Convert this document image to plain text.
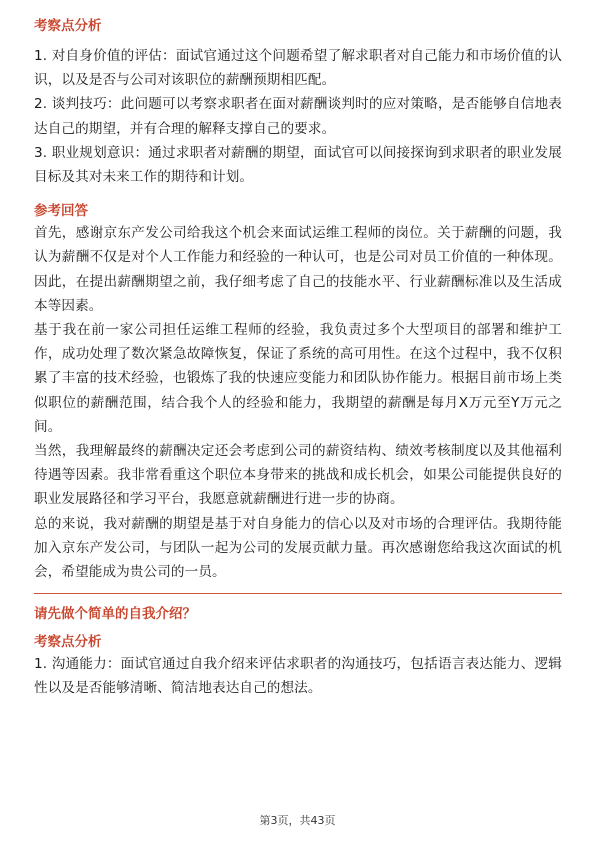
考察点分析

1. 对自身价值的评估：面试官通过这个问题希望了解求职者对自己能力和市场价值的认识，以及是否与公司对该职位的薪酬预期相匹配。

2. 谈判技巧：此问题可以考察求职者在面对薪酬谈判时的应对策略，是否能够自信地表达自己的期望，并有合理的解释支撑自己的要求。

3. 职业规划意识：通过求职者对薪酬的期望，面试官可以间接探询到求职者的职业发展目标及其对未来工作的期待和计划。

参考回答

首先，感谢京东产发公司给我这个机会来面试运维工程师的岗位。关于薪酬的问题，我认为薪酬不仅是对个人工作能力和经验的一种认可，也是公司对员工价值的一种体现。因此，在提出薪酬期望之前，我仔细考虑了自己的技能水平、行业薪酬标准以及生活成本等因素。

基于我在前一家公司担任运维工程师的经验，我负责过多个大型项目的部署和维护工作，成功处理了数次紧急故障恢复，保证了系统的高可用性。在这个过程中，我不仅积累了丰富的技术经验，也锻炼了我的快速应变能力和团队协作能力。根据目前市场上类似职位的薪酬范围，结合我个人的经验和能力，我期望的薪酬是每月X万元至Y万元之间。

当然，我理解最终的薪酬决定还会考虑到公司的薪资结构、绩效考核制度以及其他福利待遇等因素。我非常看重这个职位本身带来的挑战和成长机会，如果公司能提供良好的职业发展路径和学习平台，我愿意就薪酬进行进一步的协商。

总的来说，我对薪酬的期望是基于对自身能力的信心以及对市场的合理评估。我期待能加入京东产发公司，与团队一起为公司的发展贡献力量。再次感谢您给我这次面试的机会，希望能成为贵公司的一员。

请先做个简单的自我介绍？
考察点分析

1. 沟通能力：面试官通过自我介绍来评估求职者的沟通技巧，包括语言表达能力、逻辑性以及是否能够清晰、简洁地表达自己的想法。

第3页，共43页
